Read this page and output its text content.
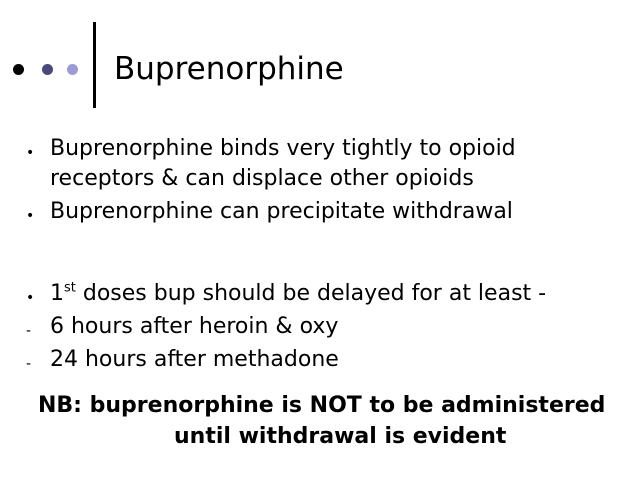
Buprenorphine
• Buprenorphine binds very tightly to opioid
receptors & can displace other opioids
• Buprenorphine can precipitate withdrawal
• 1st doses bup should be delayed for at least -
- 6 hours after heroin & oxy
- 24 hours after methadone
NB: buprenorphine is NOT to be administered
until withdrawal is evident
